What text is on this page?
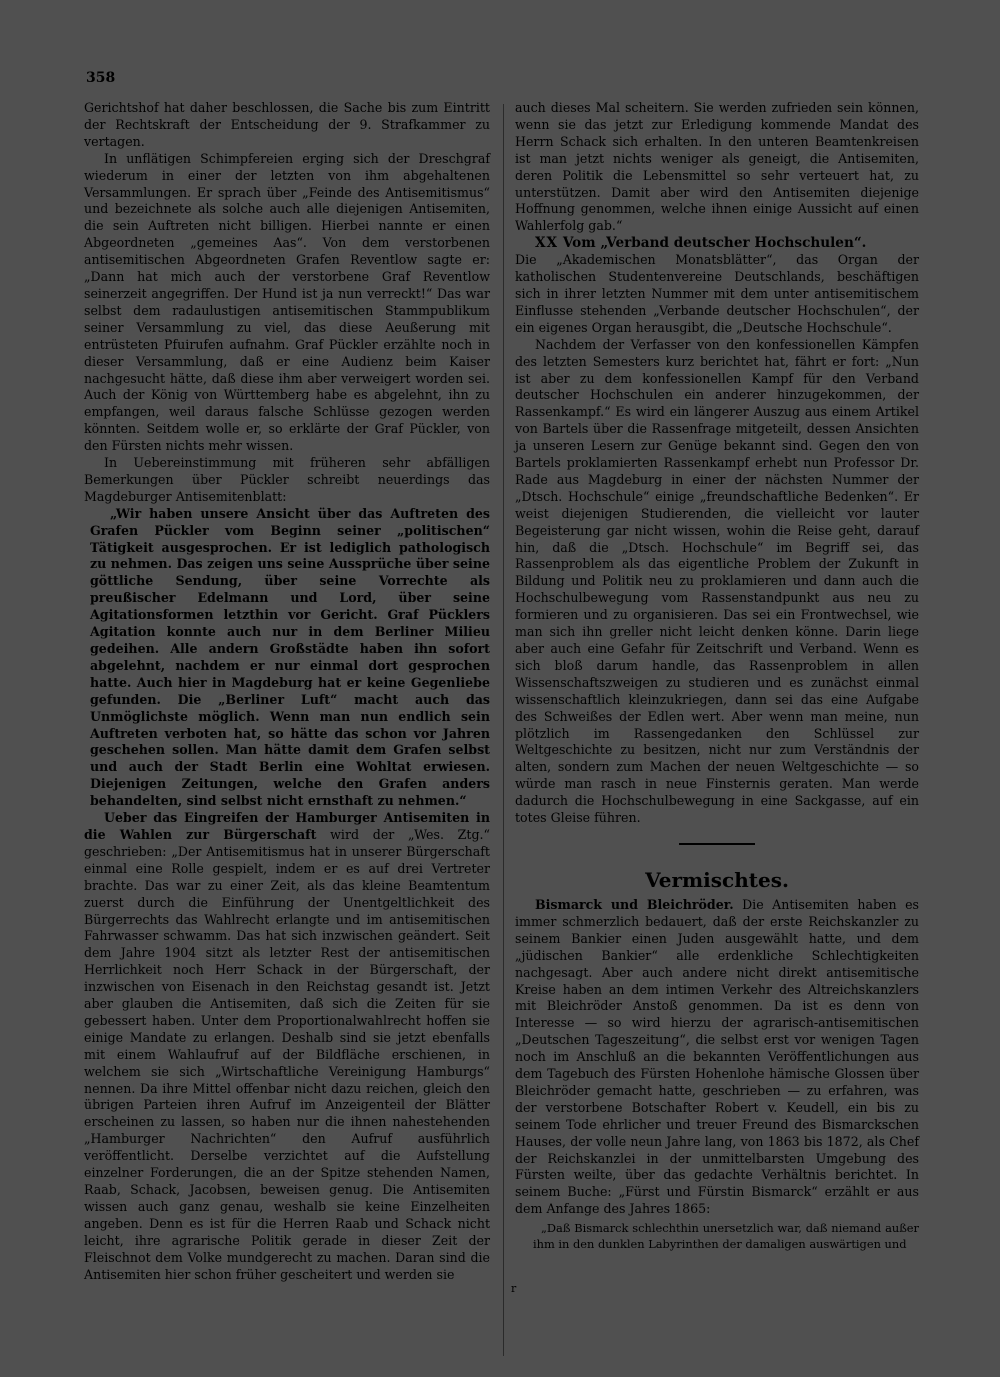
358

Gerichtshof hat daher beschlossen, die Sache bis zum Eintritt der Rechtskraft der Entscheidung der 9. Strafkammer zu vertagen.

In unflätigen Schimpfereien erging sich der Dreschgraf wiederum in einer der letzten von ihm abgehaltenen Versammlungen. Er sprach über „Feinde des Antisemitismus“ und bezeichnete als solche auch alle diejenigen Antisemiten, die sein Auftreten nicht billigen. Hierbei nannte er einen Abgeordneten „gemeines Aas“. Von dem verstorbenen antisemitischen Abgeordneten Grafen Reventlow sagte er: „Dann hat mich auch der verstorbene Graf Reventlow seinerzeit angegriffen. Der Hund ist ja nun verreckt!“ Das war selbst dem radaulustigen antisemitischen Stammpublikum seiner Versammlung zu viel, das diese Aeußerung mit entrüsteten Pfuirufen aufnahm. Graf Pückler erzählte noch in dieser Versammlung, daß er eine Audienz beim Kaiser nachgesucht hätte, daß diese ihm aber verweigert worden sei. Auch der König von Württemberg habe es abgelehnt, ihn zu empfangen, weil daraus falsche Schlüsse gezogen werden könnten. Seitdem wolle er, so erklärte der Graf Pückler, von den Fürsten nichts mehr wissen.

In Uebereinstimmung mit früheren sehr abfälligen Bemerkungen über Pückler schreibt neuerdings das Magdeburger Antisemitenblatt:

„Wir haben unsere Ansicht über das Auftreten des Grafen Pückler vom Beginn seiner „politischen“ Tätigkeit ausgesprochen. Er ist lediglich pathologisch zu nehmen. Das zeigen uns seine Aussprüche über seine göttliche Sendung, über seine Vorrechte als preußischer Edelmann und Lord, über seine Agitationsformen letzthin vor Gericht. Graf Pücklers Agitation konnte auch nur in dem Berliner Milieu gedeihen. Alle andern Großstädte haben ihn sofort abgelehnt, nachdem er nur einmal dort gesprochen hatte. Auch hier in Magdeburg hat er keine Gegenliebe gefunden. Die „Berliner Luft“ macht auch das Unmöglichste möglich. Wenn man nun endlich sein Auftreten verboten hat, so hätte das schon vor Jahren geschehen sollen. Man hätte damit dem Grafen selbst und auch der Stadt Berlin eine Wohltat erwiesen. Diejenigen Zeitungen, welche den Grafen anders behandelten, sind selbst nicht ernsthaft zu nehmen.“

Ueber das Eingreifen der Hamburger Antisemiten in die Wahlen zur Bürgerschaft wird der „Wes. Ztg.“ geschrieben: „Der Antisemitismus hat in unserer Bürgerschaft einmal eine Rolle gespielt, indem er es auf drei Vertreter brachte. Das war zu einer Zeit, als das kleine Beamtentum zuerst durch die Einführung der Unentgeltlichkeit des Bürgerrechts das Wahlrecht erlangte und im antisemitischen Fahrwasser schwamm. Das hat sich inzwischen geändert. Seit dem Jahre 1904 sitzt als letzter Rest der antisemitischen Herrlichkeit noch Herr Schack in der Bürgerschaft, der inzwischen von Eisenach in den Reichstag gesandt ist. Jetzt aber glauben die Antisemiten, daß sich die Zeiten für sie gebessert haben. Unter dem Proportionalwahlrecht hoffen sie einige Mandate zu erlangen. Deshalb sind sie jetzt ebenfalls mit einem Wahlaufruf auf der Bildfläche erschienen, in welchem sie sich „Wirtschaftliche Vereinigung Hamburgs“ nennen. Da ihre Mittel offenbar nicht dazu reichen, gleich den übrigen Parteien ihren Aufruf im Anzeigenteil der Blätter erscheinen zu lassen, so haben nur die ihnen nahestehenden „Hamburger Nachrichten“ den Aufruf ausführlich veröffentlicht. Derselbe verzichtet auf die Aufstellung einzelner Forderungen, die an der Spitze stehenden Namen, Raab, Schack, Jacobsen, beweisen genug. Die Antisemiten wissen auch ganz genau, weshalb sie keine Einzelheiten angeben. Denn es ist für die Herren Raab und Schack nicht leicht, ihre agrarische Politik gerade in dieser Zeit der Fleischnot dem Volke mundgerecht zu machen. Daran sind die Antisemiten hier schon früher gescheitert und werden sie

auch dieses Mal scheitern. Sie werden zufrieden sein können, wenn sie das jetzt zur Erledigung kommende Mandat des Herrn Schack sich erhalten. In den unteren Beamtenkreisen ist man jetzt nichts weniger als geneigt, die Antisemiten, deren Politik die Lebensmittel so sehr verteuert hat, zu unterstützen. Damit aber wird den Antisemiten diejenige Hoffnung genommen, welche ihnen einige Aussicht auf einen Wahlerfolg gab.“

XX Vom „Verband deutscher Hochschulen“.

Die „Akademischen Monatsblätter“, das Organ der katholischen Studentenvereine Deutschlands, beschäftigen sich in ihrer letzten Nummer mit dem unter antisemitischem Einflusse stehenden „Verbande deutscher Hochschulen“, der ein eigenes Organ herausgibt, die „Deutsche Hochschule“.

Nachdem der Verfasser von den konfessionellen Kämpfen des letzten Semesters kurz berichtet hat, fährt er fort: „Nun ist aber zu dem konfessionellen Kampf für den Verband deutscher Hochschulen ein anderer hinzugekommen, der Rassenkampf.“ Es wird ein längerer Auszug aus einem Artikel von Bartels über die Rassenfrage mitgeteilt, dessen Ansichten ja unseren Lesern zur Genüge bekannt sind. Gegen den von Bartels proklamierten Rassenkampf erhebt nun Professor Dr. Rade aus Magdeburg in einer der nächsten Nummer der „Dtsch. Hochschule“ einige „freundschaftliche Bedenken“. Er weist diejenigen Studierenden, die vielleicht vor lauter Begeisterung gar nicht wissen, wohin die Reise geht, darauf hin, daß die „Dtsch. Hochschule“ im Begriff sei, das Rassenproblem als das eigentliche Problem der Zukunft in Bildung und Politik neu zu proklamieren und dann auch die Hochschulbewegung vom Rassenstandpunkt aus neu zu formieren und zu organisieren. Das sei ein Frontwechsel, wie man sich ihn greller nicht leicht denken könne. Darin liege aber auch eine Gefahr für Zeitschrift und Verband. Wenn es sich bloß darum handle, das Rassenproblem in allen Wissenschaftszweigen zu studieren und es zunächst einmal wissenschaftlich kleinzukriegen, dann sei das eine Aufgabe des Schweißes der Edlen wert. Aber wenn man meine, nun plötzlich im Rassengedanken den Schlüssel zur Weltgeschichte zu besitzen, nicht nur zum Verständnis der alten, sondern zum Machen der neuen Weltgeschichte — so würde man rasch in neue Finsternis geraten. Man werde dadurch die Hochschulbewegung in eine Sackgasse, auf ein totes Gleise führen.

Vermischtes.

Bismarck und Bleichröder. Die Antisemiten haben es immer schmerzlich bedauert, daß der erste Reichskanzler zu seinem Bankier einen Juden ausgewählt hatte, und dem „jüdischen Bankier“ alle erdenkliche Schlechtigkeiten nachgesagt. Aber auch andere nicht direkt antisemitische Kreise haben an dem intimen Verkehr des Altreichskanzlers mit Bleichröder Anstoß genommen. Da ist es denn von Interesse — so wird hierzu der agrarisch-antisemitischen „Deutschen Tageszeitung“, die selbst erst vor wenigen Tagen noch im Anschluß an die bekannten Veröffentlichungen aus dem Tagebuch des Fürsten Hohenlohe hämische Glossen über Bleichröder gemacht hatte, geschrieben — zu erfahren, was der verstorbene Botschafter Robert v. Keudell, ein bis zu seinem Tode ehrlicher und treuer Freund des Bismarckschen Hauses, der volle neun Jahre lang, von 1863 bis 1872, als Chef der Reichskanzlei in der unmittelbarsten Umgebung des Fürsten weilte, über das gedachte Verhältnis berichtet. In seinem Buche: „Fürst und Fürstin Bismarck“ erzählt er aus dem Anfange des Jahres 1865:

„Daß Bismarck schlechthin unersetzlich war, daß niemand außer ihm in den dunklen Labyrinthen der damaligen auswärtigen und

r
